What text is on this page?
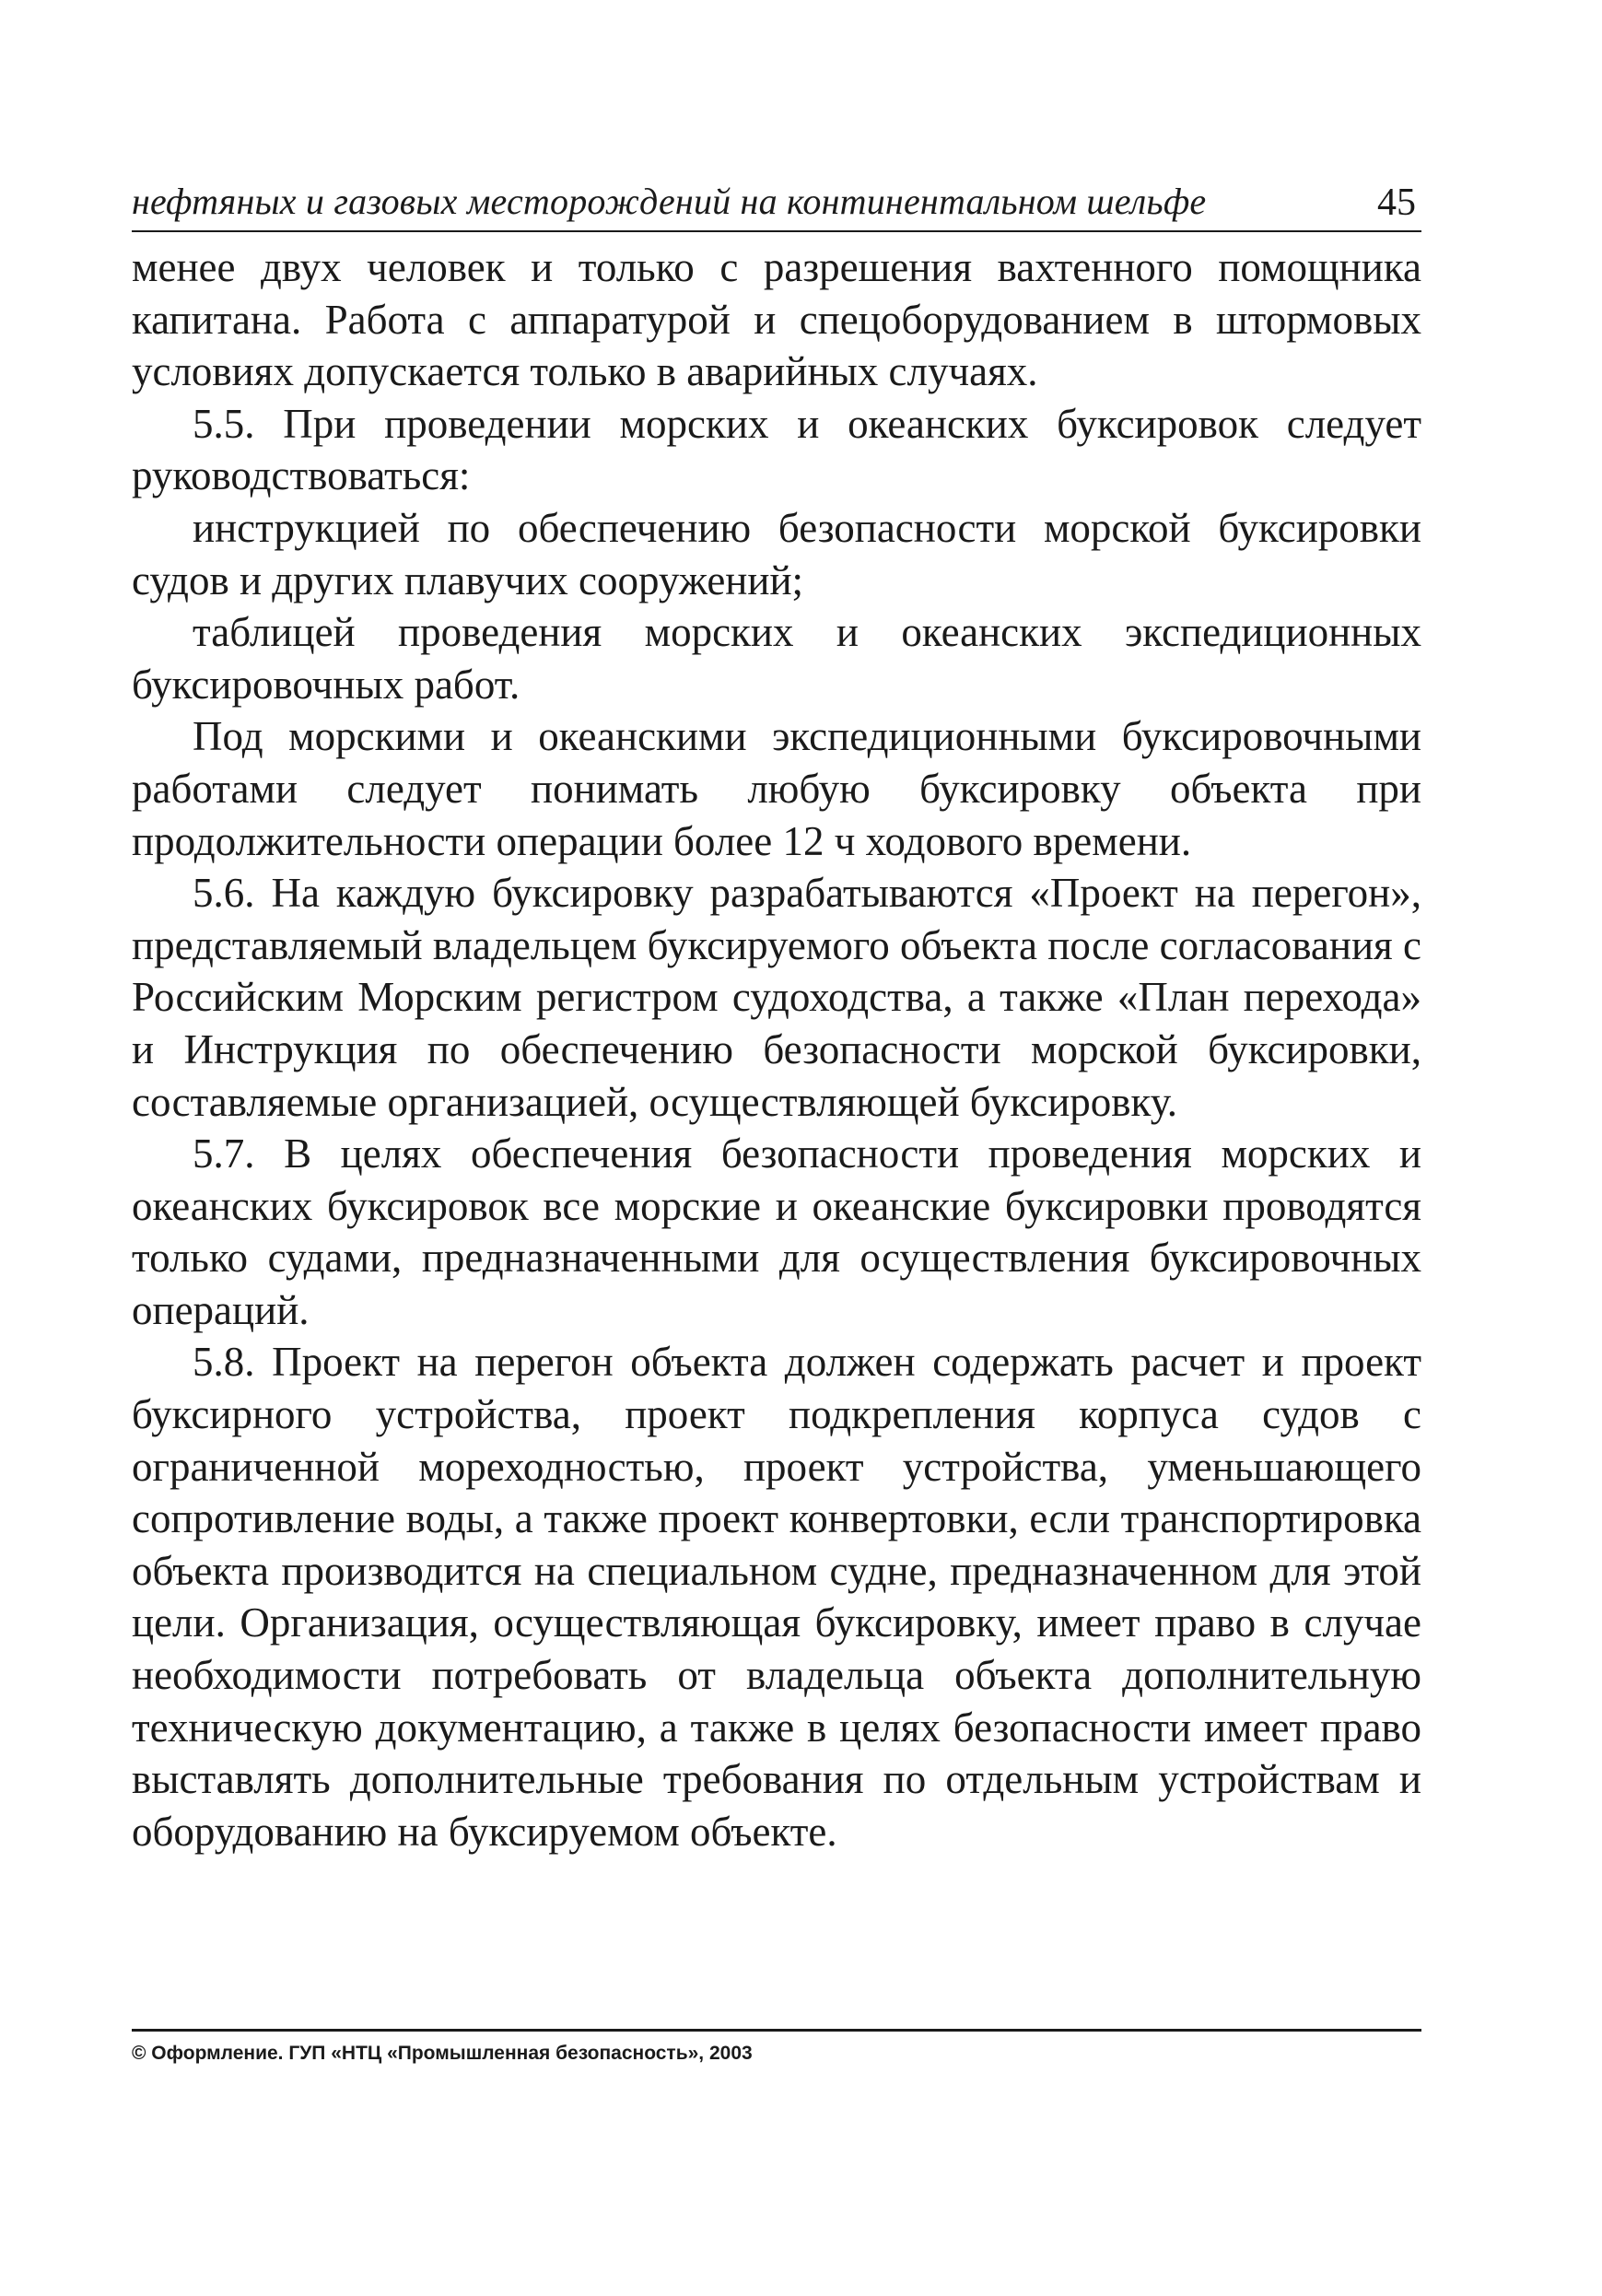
нефтяных и газовых месторождений на континентальном шельфе	45

менее двух человек и только с разрешения вахтенного помощника капитана. Работа с аппаратурой и спецоборудованием в штормовых условиях допускается только в аварийных случаях.

5.5. При проведении морских и океанских буксировок следует руководствоваться:

инструкцией по обеспечению безопасности морской буксировки судов и других плавучих сооружений;

таблицей проведения морских и океанских экспедиционных буксировочных работ.

Под морскими и океанскими экспедиционными буксировочными работами следует понимать любую буксировку объекта при продолжительности операции более 12 ч ходового времени.

5.6. На каждую буксировку разрабатываются «Проект на перегон», представляемый владельцем буксируемого объекта после согласования с Российским Морским регистром судоходства, а также «План перехода» и Инструкция по обеспечению безопасности морской буксировки, составляемые организацией, осуществляющей буксировку.

5.7. В целях обеспечения безопасности проведения морских и океанских буксировок все морские и океанские буксировки проводятся только судами, предназначенными для осуществления буксировочных операций.

5.8. Проект на перегон объекта должен содержать расчет и проект буксирного устройства, проект подкрепления корпуса судов с ограниченной мореходностью, проект устройства, уменьшающего сопротивление воды, а также проект конвертовки, если транспортировка объекта производится на специальном судне, предназначенном для этой цели. Организация, осуществляющая буксировку, имеет право в случае необходимости потребовать от владельца объекта дополнительную техническую документацию, а также в целях безопасности имеет право выставлять дополнительные требования по отдельным устройствам и оборудованию на буксируемом объекте.

© Оформление. ГУП «НТЦ «Промышленная безопасность», 2003
